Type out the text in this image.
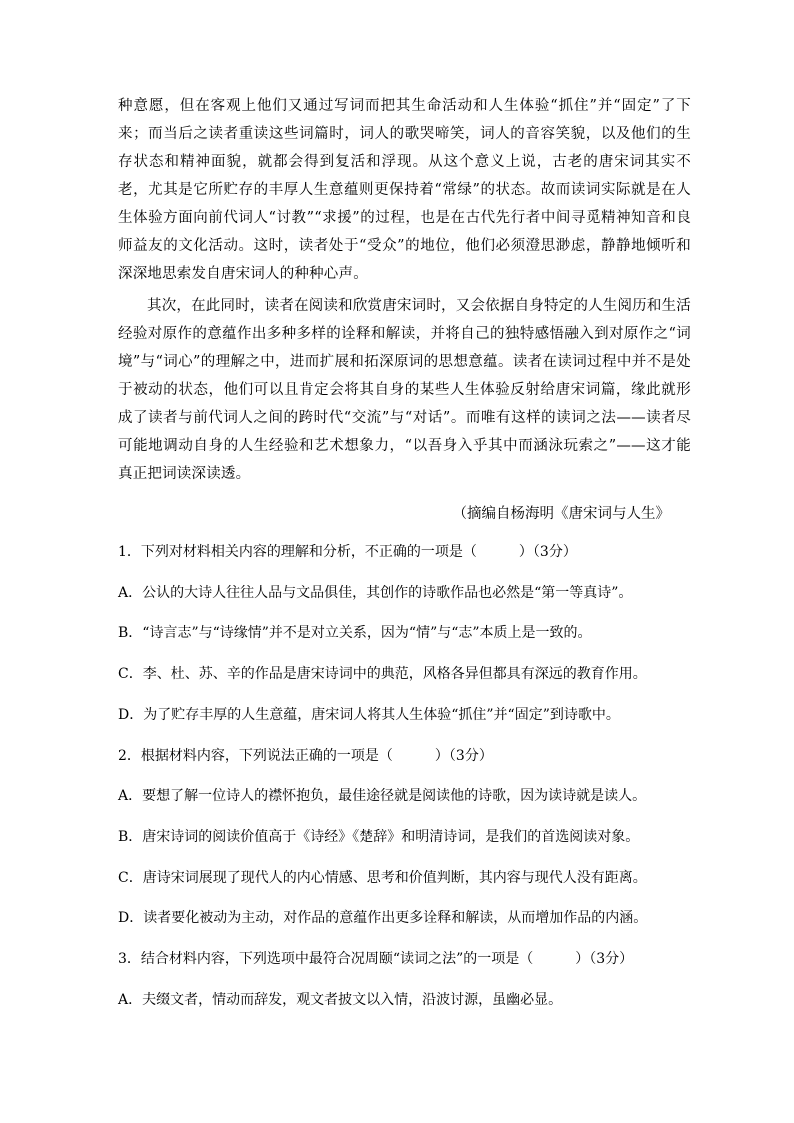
种意愿，但在客观上他们又通过写词而把其生命活动和人生体验“抓住”并“固定”了下来；而当后之读者重读这些词篇时，词人的歌哭啼笑，词人的音容笑貌，以及他们的生存状态和精神面貌，就都会得到复活和浮现。从这个意义上说，古老的唐宋词其实不老，尤其是它所贮存的丰厚人生意蕴则更保持着“常绿”的状态。故而读词实际就是在人生体验方面向前代词人“讨教”“求援”的过程，也是在古代先行者中间寻觅精神知音和良师益友的文化活动。这时，读者处于“受众”的地位，他们必须澄思渺虑，静静地倾听和深深地思索发自唐宋词人的种种心声。

其次，在此同时，读者在阅读和欣赏唐宋词时，又会依据自身特定的人生阅历和生活经验对原作的意蕴作出多种多样的诠释和解读，并将自己的独特感悟融入到对原作之“词境”与“词心”的理解之中，进而扩展和拓深原词的思想意蕴。读者在读词过程中并不是处于被动的状态，他们可以且肯定会将其自身的某些人生体验反射给唐宋词篇，缘此就形成了读者与前代词人之间的跨时代“交流”与“对话”。而唯有这样的读词之法——读者尽可能地调动自身的人生经验和艺术想象力，“以吾身入乎其中而涵泳玩索之”——这才能真正把词读深读透。

（摘编自杨海明《唐宋词与人生》

1．下列对材料相关内容的理解和分析，不正确的一项是（　　　）（3分）

A．公认的大诗人往往人品与文品俱佳，其创作的诗歌作品也必然是“第一等真诗”。

B．“诗言志”与“诗缘情”并不是对立关系，因为“情”与“志”本质上是一致的。

C．李、杜、苏、辛的作品是唐宋诗词中的典范，风格各异但都具有深远的教育作用。

D．为了贮存丰厚的人生意蕴，唐宋词人将其人生体验“抓住”并“固定”到诗歌中。

2．根据材料内容，下列说法正确的一项是（　　　）（3分）

A．要想了解一位诗人的襟怀抱负，最佳途径就是阅读他的诗歌，因为读诗就是读人。

B．唐宋诗词的阅读价值高于《诗经》《楚辞》和明清诗词，是我们的首选阅读对象。

C．唐诗宋词展现了现代人的内心情感、思考和价值判断，其内容与现代人没有距离。

D．读者要化被动为主动，对作品的意蕴作出更多诠释和解读，从而增加作品的内涵。

3．结合材料内容，下列选项中最符合况周颐“读词之法”的一项是（　　　）（3分）

A．夫缀文者，情动而辞发，观文者披文以入情，沿波讨源，虽幽必显。
